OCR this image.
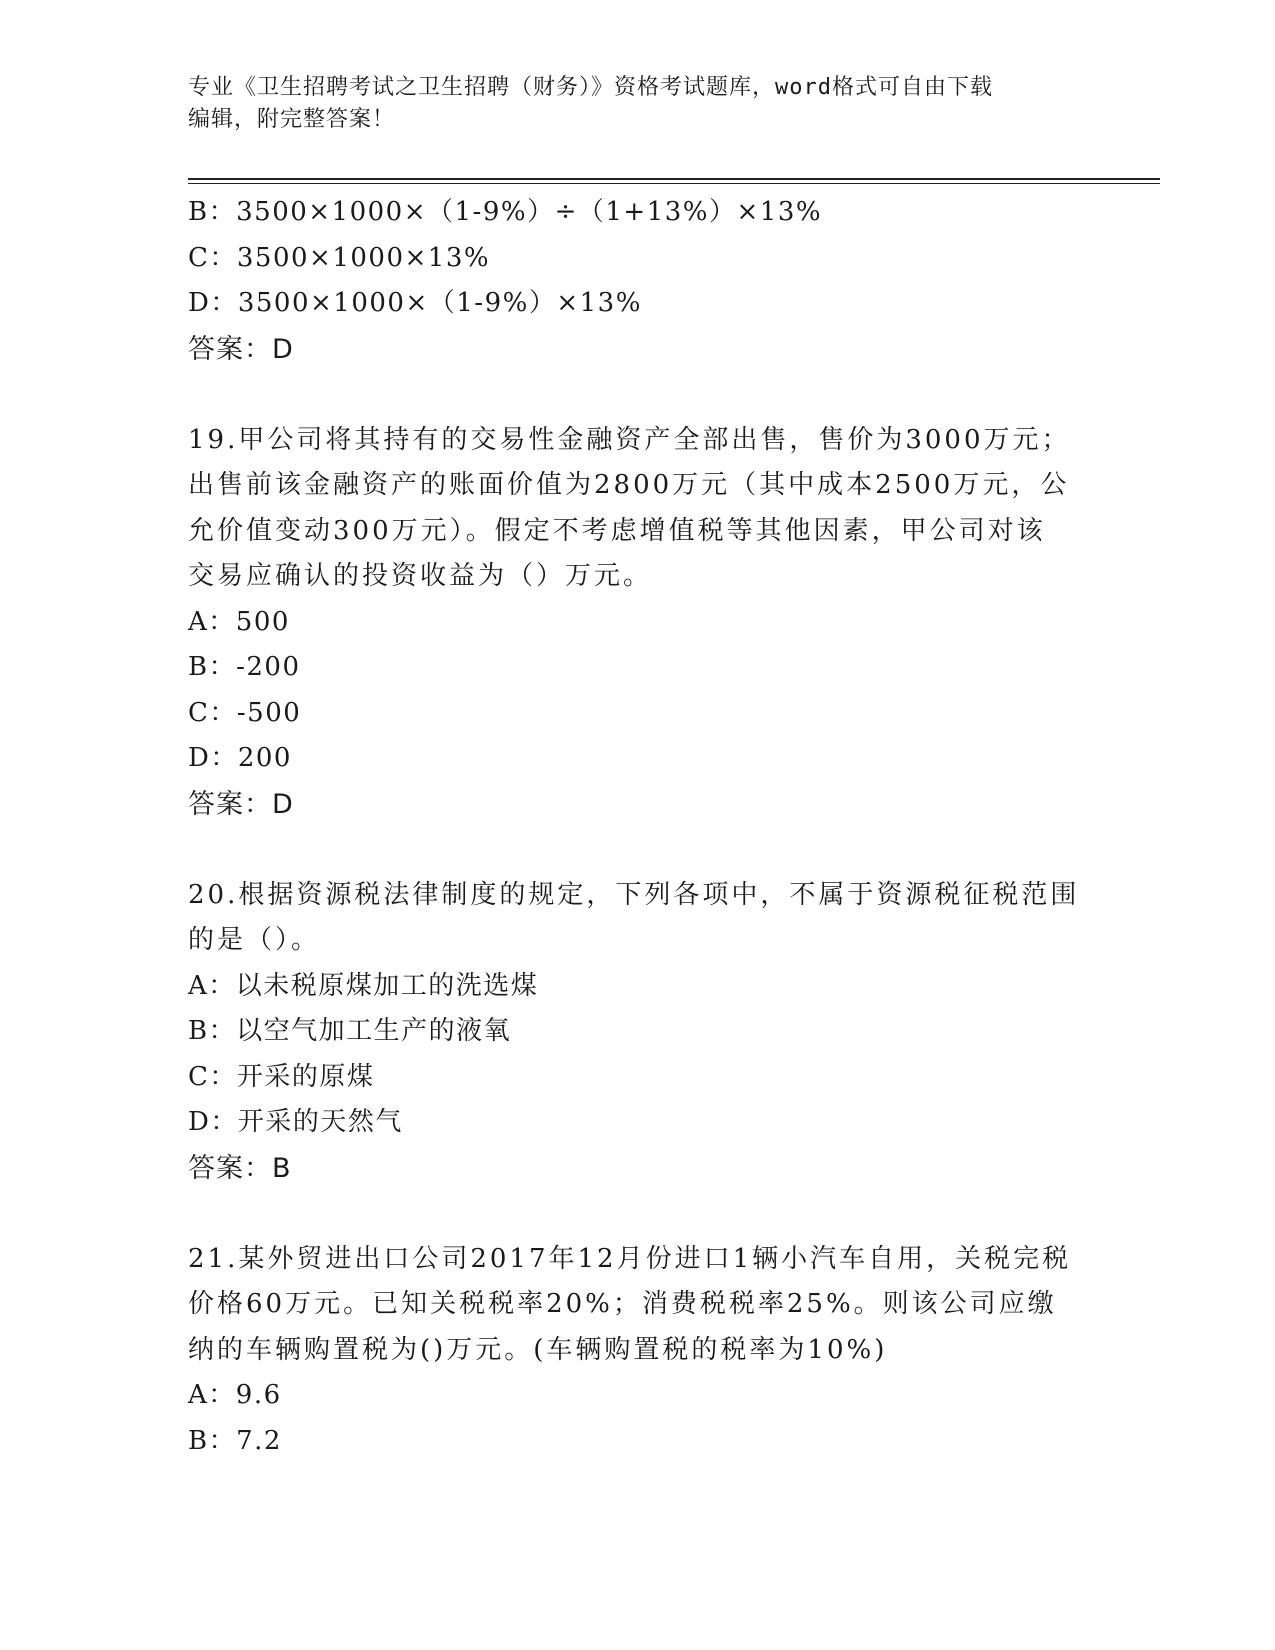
专业《卫生招聘考试之卫生招聘（财务）》资格考试题库，word格式可自由下载
编辑，附完整答案！
B：3500×1000×（1-9%）÷（1+13%）×13%
C：3500×1000×13%
D：3500×1000×（1-9%）×13%
答案：D
19.甲公司将其持有的交易性金融资产全部出售，售价为3000万元；
出售前该金融资产的账面价值为2800万元（其中成本2500万元，公
允价值变动300万元）。假定不考虑增值税等其他因素，甲公司对该
交易应确认的投资收益为（）万元。
A：500
B：-200
C：-500
D：200
答案：D
20.根据资源税法律制度的规定，下列各项中，不属于资源税征税范围
的是（）。
A：以未税原煤加工的洗选煤
B：以空气加工生产的液氧
C：开采的原煤
D：开采的天然气
答案：B
21.某外贸进出口公司2017年12月份进口1辆小汽车自用，关税完税
价格60万元。已知关税税率20%；消费税税率25%。则该公司应缴
纳的车辆购置税为()万元。(车辆购置税的税率为10%)
A：9.6
B：7.2
